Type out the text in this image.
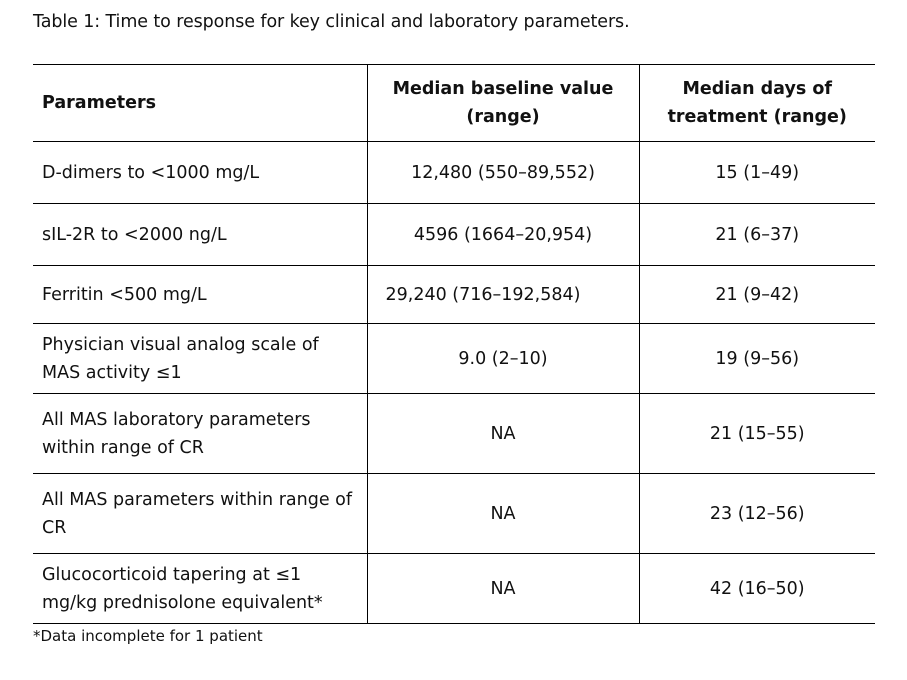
Table 1: Time to response for key clinical and laboratory parameters.
Parameters	Median baseline value (range)	Median days of treatment (range)
D-dimers to <1000 mg/L	12,480 (550–89,552)	15 (1–49)
sIL-2R to <2000 ng/L	4596 (1664–20,954)	21 (6–37)
Ferritin <500 mg/L	29,240 (716–192,584)	21 (9–42)
Physician visual analog scale of MAS activity ≤1	9.0 (2–10)	19 (9–56)
All MAS laboratory parameters within range of CR	NA	21 (15–55)
All MAS parameters within range of CR	NA	23 (12–56)
Glucocorticoid tapering at ≤1 mg/kg prednisolone equivalent*	NA	42 (16–50)
*Data incomplete for 1 patient
